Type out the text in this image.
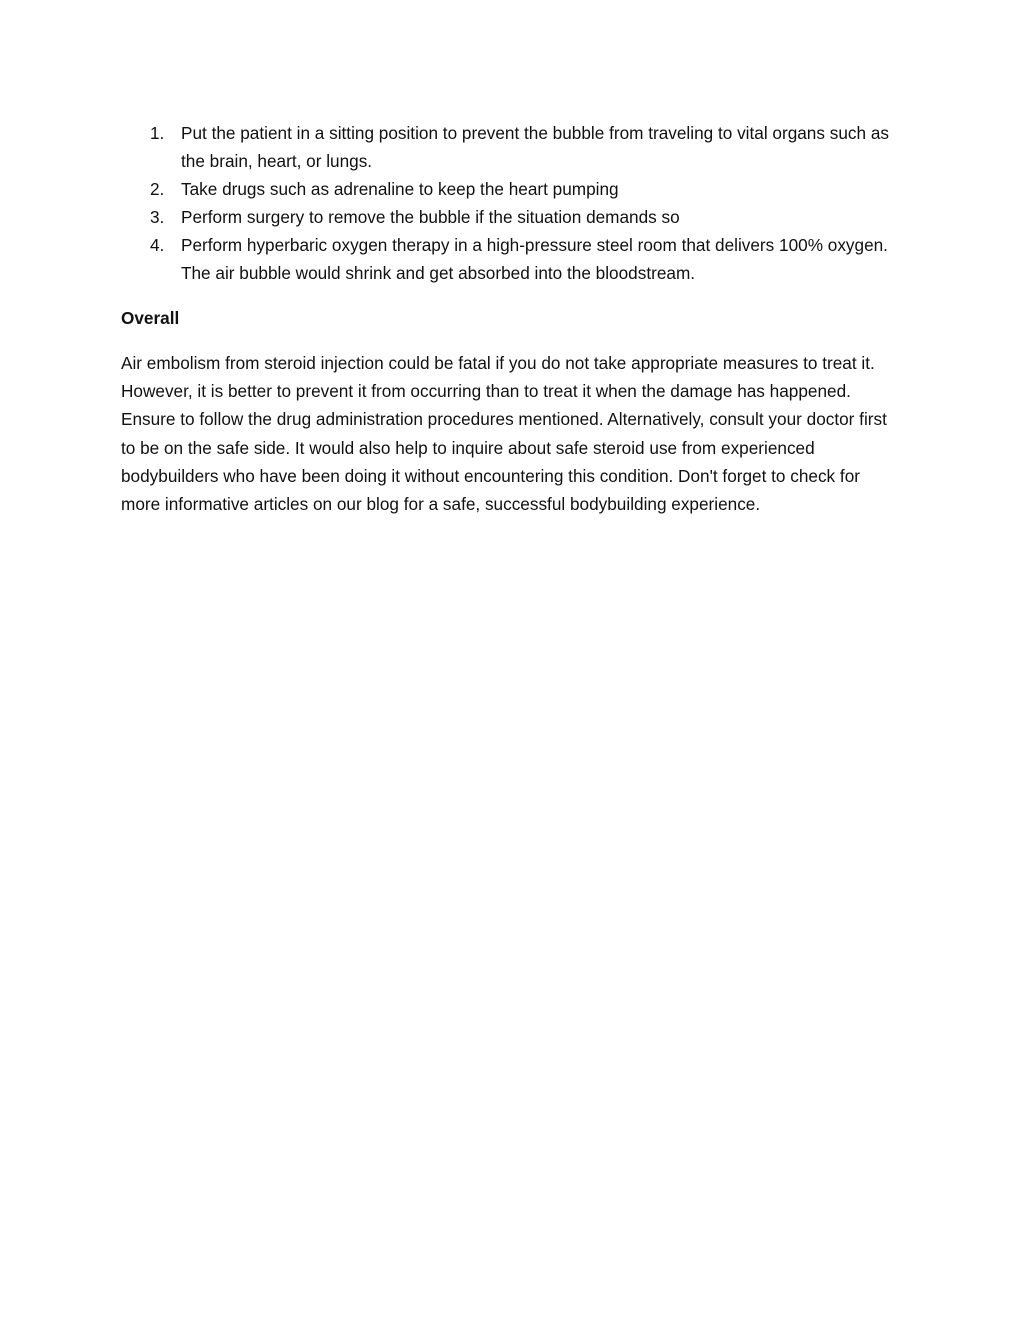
1. Put the patient in a sitting position to prevent the bubble from traveling to vital organs such as the brain, heart, or lungs.
2. Take drugs such as adrenaline to keep the heart pumping
3. Perform surgery to remove the bubble if the situation demands so
4. Perform hyperbaric oxygen therapy in a high-pressure steel room that delivers 100% oxygen. The air bubble would shrink and get absorbed into the bloodstream.

Overall

Air embolism from steroid injection could be fatal if you do not take appropriate measures to treat it. However, it is better to prevent it from occurring than to treat it when the damage has happened. Ensure to follow the drug administration procedures mentioned. Alternatively, consult your doctor first to be on the safe side. It would also help to inquire about safe steroid use from experienced bodybuilders who have been doing it without encountering this condition. Don't forget to check for more informative articles on our blog for a safe, successful bodybuilding experience.
